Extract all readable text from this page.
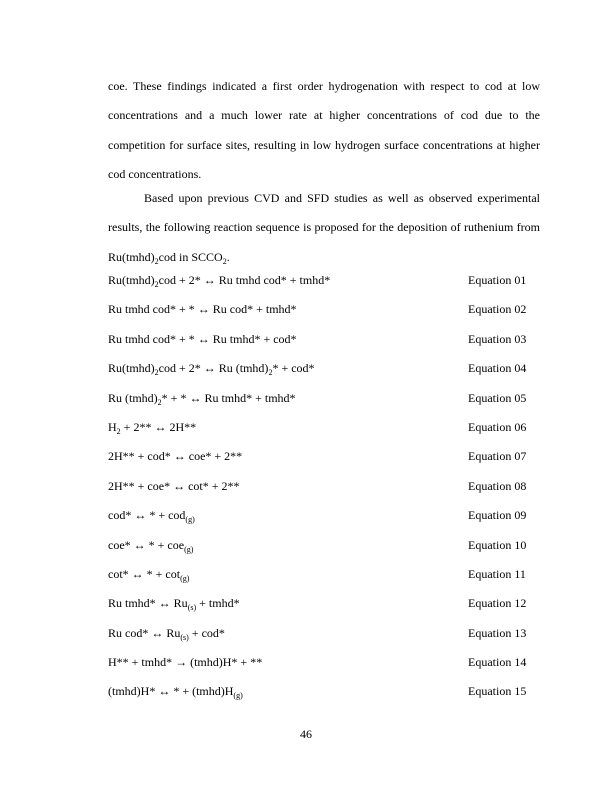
coe. These findings indicated a first order hydrogenation with respect to cod at low concentrations and a much lower rate at higher concentrations of cod due to the competition for surface sites, resulting in low hydrogen surface concentrations at higher cod concentrations.
Based upon previous CVD and SFD studies as well as observed experimental results, the following reaction sequence is proposed for the deposition of ruthenium from $Ru(tmhd)_2cod$ in $SCCO_2$.
$Ru(tmhd)_2cod + 2*$ ↔ Ru tmhd cod* + tmhd*	Equation 01
Ru tmhd cod* + * ↔ Ru cod* + tmhd*	Equation 02
Ru tmhd cod* + * ↔ Ru tmhd* + cod*	Equation 03
$Ru(tmhd)_2cod + 2*$ ↔ Ru $(tmhd)_2* + cod*$	Equation 04
Ru $(tmhd)_2*$ + * ↔ Ru tmhd* + tmhd*	Equation 05
$H_2 + 2**$ ↔ 2H**	Equation 06
2H** + cod* ↔ coe* + 2**	Equation 07
2H** + coe* ↔ cot* + 2**	Equation 08
cod* ↔ * + cod$_{(g)}$	Equation 09
coe* ↔ * + coe$_{(g)}$	Equation 10
cot* ↔ * + $\cot_{(g)}$	Equation 11
Ru tmhd* ↔ $Ru_{(s)}$ + tmhd*	Equation 12
Ru cod* ↔ $Ru_{(s)} + cod*$	Equation 13
H** + tmhd* → (tmhd)H* + **	Equation 14
(tmhd)H* ↔ * + $(tmhd)H_{(g)}$	Equation 15
46
